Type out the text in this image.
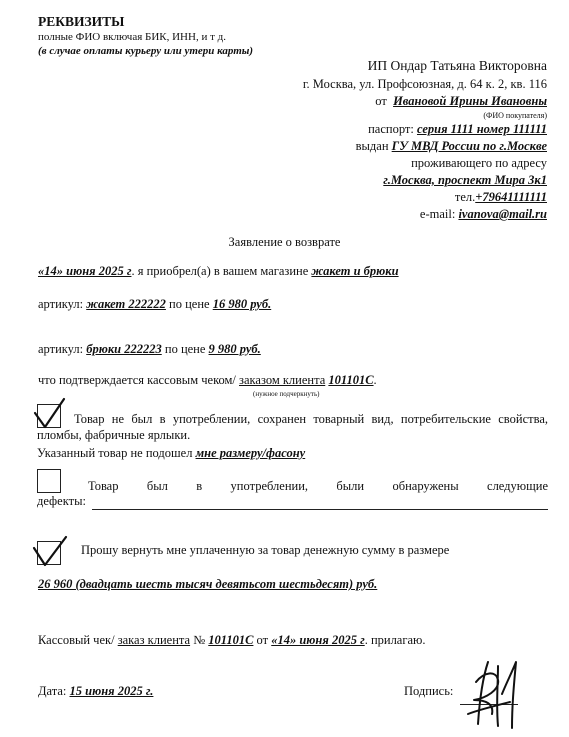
РЕКВИЗИТЫ
полные ФИО включая БИК, ИНН, и т д.
(в случае оплаты курьеру или утери карты)
ИП Ондар Татьяна Викторовна
г. Москва, ул. Профсоюзная, д. 64 к. 2, кв. 116
от Ивановой Ирины Ивановны
(ФИО покупателя)
паспорт: серия 1111 номер 111111
выдан ГУ МВД России по г.Москве
проживающего по адресу
г.Москва, проспект Мира 3к1
тел.+79641111111
e-mail: ivanova@mail.ru
Заявление о возврате
«14» июня 2025 г. я приобрел(а) в вашем магазине жакет и брюки
артикул: жакет 222222 по цене 16 980 руб.
артикул: брюки 222223 по цене 9 980 руб.
что подтверждается кассовым чеком/ заказом клиента 101101С.
(нужное подчеркнуть)
Товар не был в употреблении, сохранен товарный вид, потребительские свойства, пломбы, фабричные ярлыки.
Указанный товар не подошел мне размеру/фасону
Товар был в употреблении, были обнаружены следующие
дефекты:
Прошу вернуть мне уплаченную за товар денежную сумму в размере
26 960 (двадцать шесть тысяч девятьсот шестьдесят) руб.
Кассовый чек/ заказ клиента № 101101С от «14» июня 2025 г. прилагаю.
Дата: 15 июня 2025 г.	Подпись:
